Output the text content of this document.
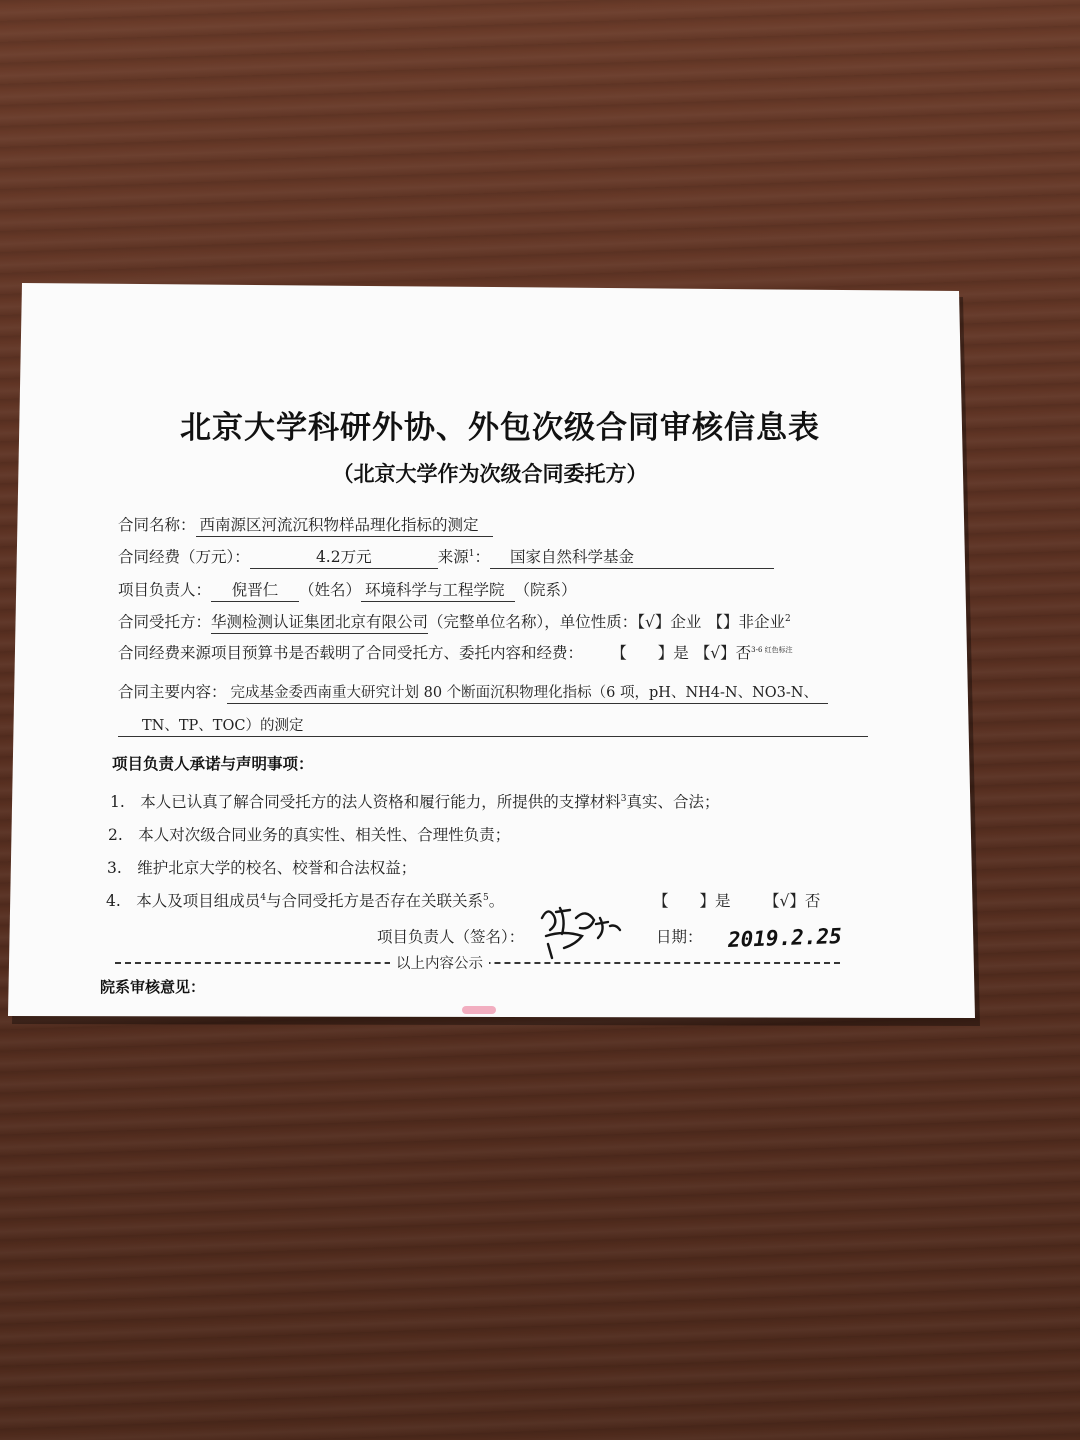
北京大学科研外协、外包次级合同审核信息表
（北京大学作为次级合同委托方）
合同名称： 西南源区河流沉积物样品理化指标的测定
合同经费（万元）：	4.2万元	来源$^1$： 国家自然科学基金
项目负责人： 倪晋仁 （姓名） 环境科学与工程学院 （院系）
合同受托方：华测检测认证集团北京有限公司（完整单位名称），单位性质：【√】企业 【】非企业$^2$
合同经费来源项目预算书是否载明了合同受托方、委托内容和经费： 【　　】是 【√】否$^{3-6 红色标注}$
合同主要内容： 完成基金委西南重大研究计划 80 个断面沉积物理化指标（6 项，pH、NH4-N、NO3-N、
TN、TP、TOC）的测定
项目负责人承诺与声明事项：
1.　本人已认真了解合同受托方的法人资格和履行能力，所提供的支撑材料$^3$真实、合法；
2.　本人对次级合同业务的真实性、相关性、合理性负责；
3.　维护北京大学的校名、校誉和合法权益；
4.　本人及项目组成员$^4$与合同受托方是否存在关联关系$^5$。	【　　】是 【√】否
项目负责人（签名）：	日期： 2019.2.25
以上内容公示
院系审核意见：
